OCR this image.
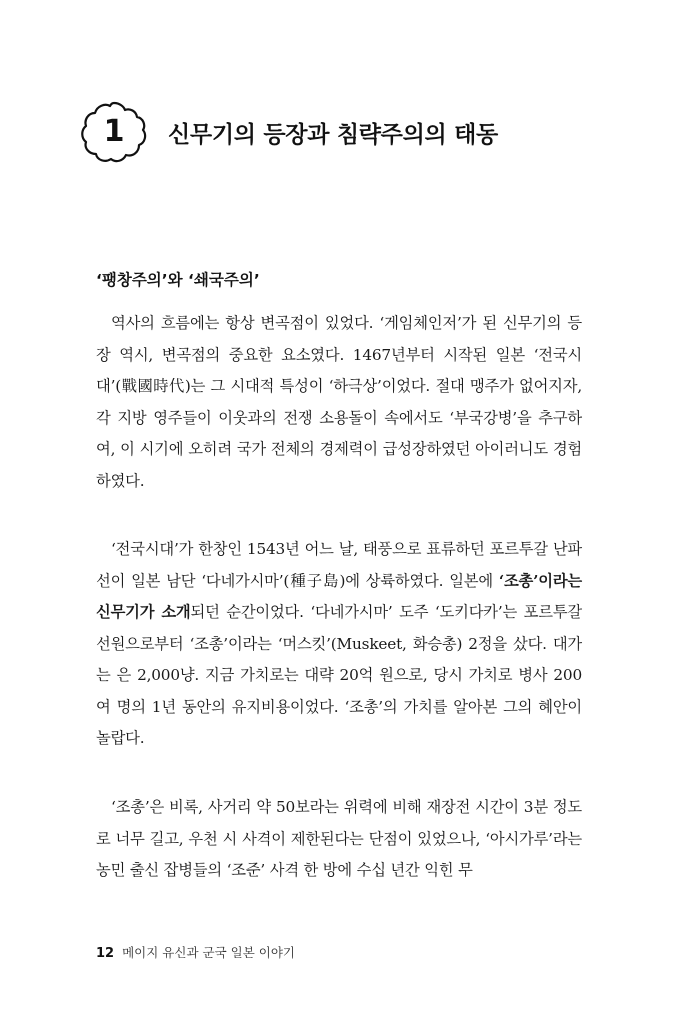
1	신무기의 등장과 침략주의의 태동
‘팽창주의’와 ‘쇄국주의’

역사의 흐름에는 항상 변곡점이 있었다. ‘게임체인저’가 된 신무기의 등장 역시, 변곡점의 중요한 요소였다. 1467년부터 시작된 일본 ‘전국시대’(戰國時代)는 그 시대적 특성이 ‘하극상’이었다. 절대 맹주가 없어지자, 각 지방 영주들이 이웃과의 전쟁 소용돌이 속에서도 ‘부국강병’을 추구하여, 이 시기에 오히려 국가 전체의 경제력이 급성장하였던 아이러니도 경험하였다.

‘전국시대’가 한창인 1543년 어느 날, 태풍으로 표류하던 포르투갈 난파선이 일본 남단 ‘다네가시마’(種子島)에 상륙하였다. 일본에 ‘조총’이라는 신무기가 소개되던 순간이었다. ‘다네가시마’ 도주 ‘도키다카’는 포르투갈 선원으로부터 ‘조총’이라는 ‘머스킷’(Muskeet, 화승총) 2정을 샀다. 대가는 은 2,000냥. 지금 가치로는 대략 20억 원으로, 당시 가치로 병사 200여 명의 1년 동안의 유지비용이었다. ‘조총’의 가치를 알아본 그의 혜안이 놀랍다.

‘조총’은 비록, 사거리 약 50보라는 위력에 비해 재장전 시간이 3분 정도로 너무 길고, 우천 시 사격이 제한된다는 단점이 있었으나, ‘아시가루’라는 농민 출신 잡병들의 ‘조준’ 사격 한 방에 수십 년간 익힌 무

12 메이지 유신과 군국 일본 이야기
